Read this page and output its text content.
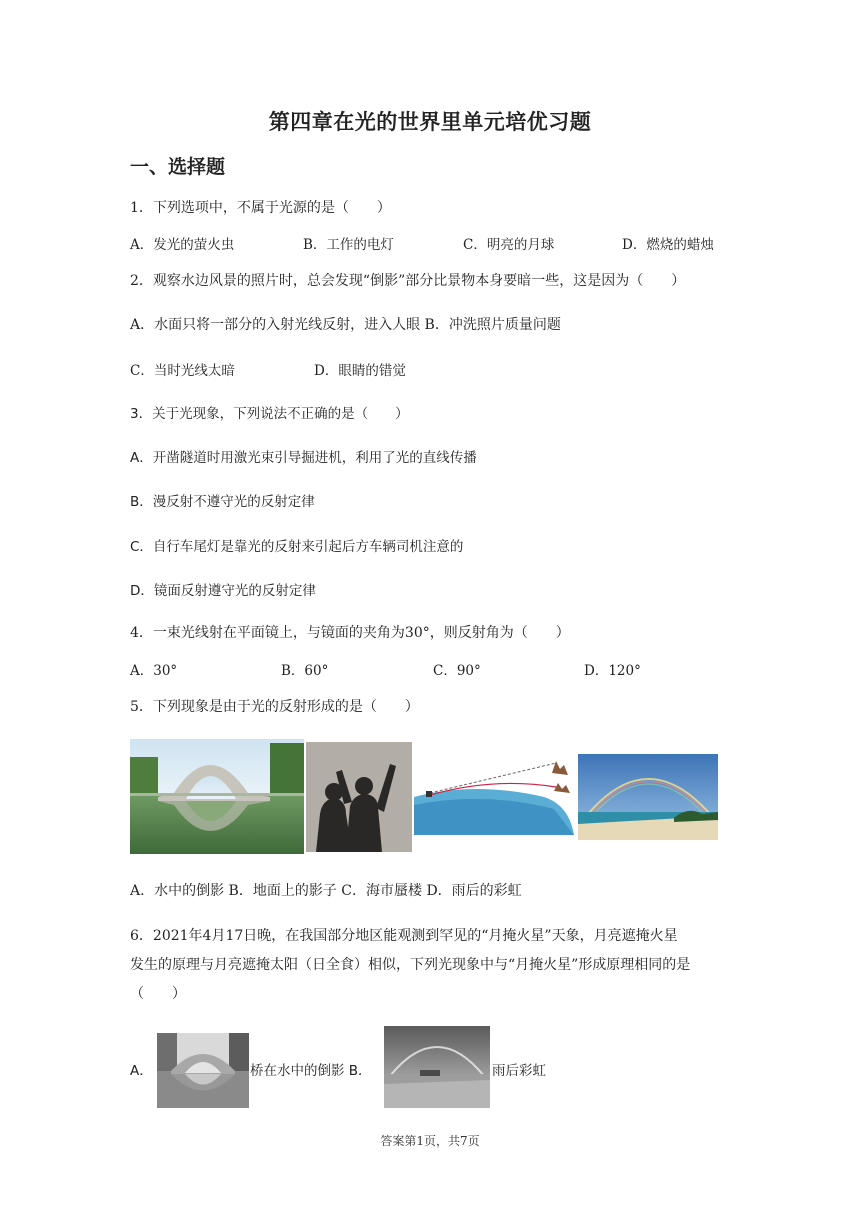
第四章在光的世界里单元培优习题
一、选择题
1．下列选项中，不属于光源的是（　　）
A．发光的萤火虫	B．工作的电灯	C．明亮的月球	D．燃烧的蜡烛
2．观察水边风景的照片时，总会发现“倒影”部分比景物本身要暗一些，这是因为（　　）
A．水面只将一部分的入射光线反射，进入人眼 B．冲洗照片质量问题
C．当时光线太暗	D．眼睛的错觉
3．关于光现象，下列说法不正确的是（　　）
A．开凿隧道时用激光束引导掘进机，利用了光的直线传播
B．漫反射不遵守光的反射定律
C．自行车尾灯是靠光的反射来引起后方车辆司机注意的
D．镜面反射遵守光的反射定律
4．一束光线射在平面镜上，与镜面的夹角为30°，则反射角为（　　）
A．30°	B．60°	C．90°	D．120°
5．下列现象是由于光的反射形成的是（　　）
A．水中的倒影 B．地面上的影子 C．海市蜃楼 D．雨后的彩虹
6．2021年4月17日晚，在我国部分地区能观测到罕见的“月掩火星”天象，月亮遮掩火星
发生的原理与月亮遮掩太阳（日全食）相似，下列光现象中与“月掩火星”形成原理相同的是
（　　）
A．	桥在水中的倒影 B．	雨后彩虹
答案第1页，共7页
